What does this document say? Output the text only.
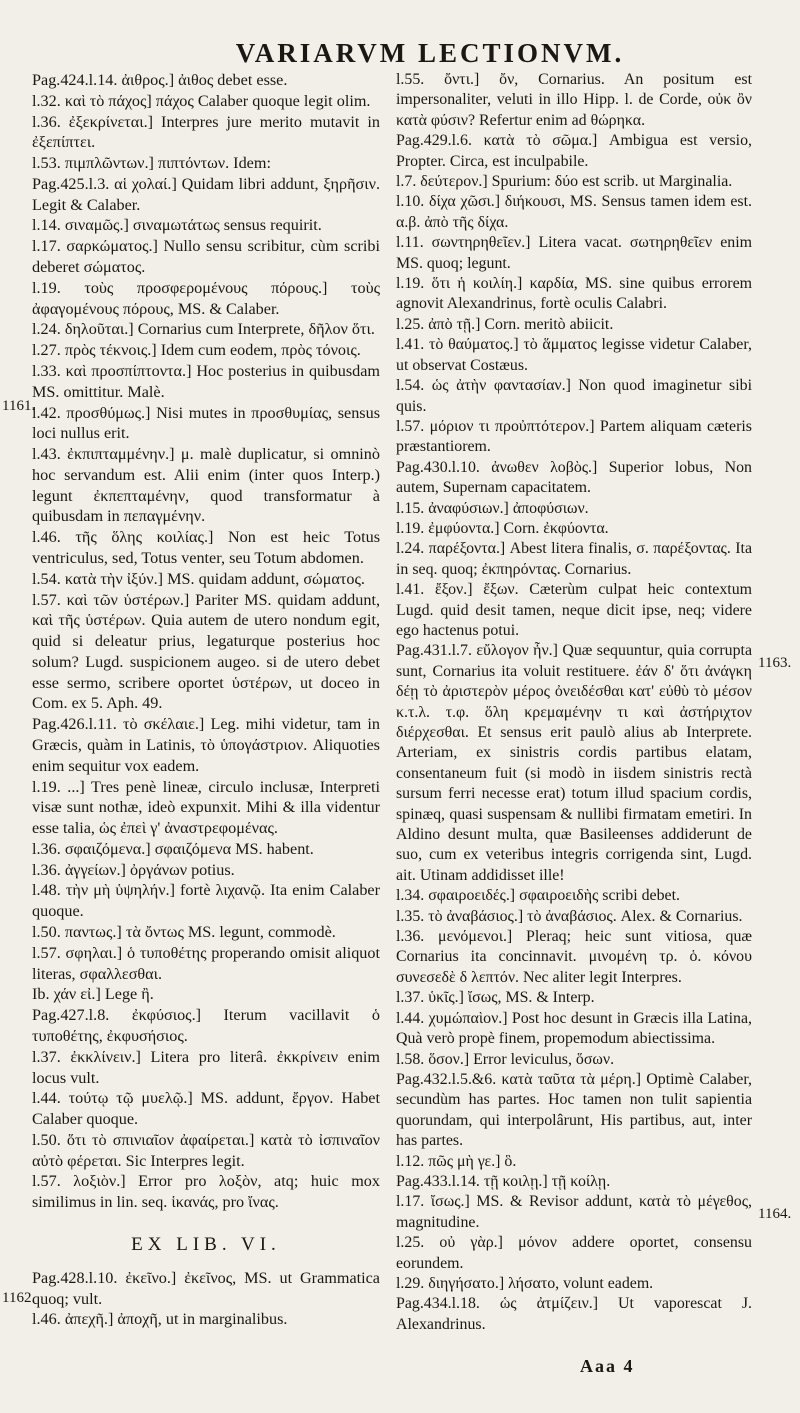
VARIARVM LECTIONVM.

Pag.424.l.14. ἀιθρος.] ἀιθος debet esse.

l.32. καὶ τὸ πάχος] πάχος Calaber quoque legit olim.

l.36. ἐξεκρίνεται.] Interpres jure merito mutavit in ἐξεπίπτει.

l.53. πιμπλῶντων.] πιπτόντων. Idem:

Pag.425.l.3. αἱ χολαί.] Quidam libri addunt, ξηρῆσιν. Legit & Calaber.

l.14. σιναμῶς.] σιναμωτάτως sensus requirit.

l.17. σαρκώματος.] Nullo sensu scribitur, cùm scribi deberet σώματος.

l.19. τοὺς προσφερομένους πόρους.] τοὺς ἀφαγομένους πόρους, MS. & Calaber.

l.24. δηλοῦται.] Cornarius cum Interprete, δῆλον ὅτι.

l.27. πρὸς τέκνοις.] Idem cum eodem, πρὸς τόνοις.

l.33. καὶ προσπίπτοντα.] Hoc posterius in quibusdam MS. omittitur. Malè.

l.42. προσθύμως.] Nisi mutes in προσθυμίας, sensus loci nullus erit.

l.43. ἐκπιπταμμένην.] μ. malè duplicatur, si omninò hoc servandum est. Alii enim (inter quos Interp.) legunt ἐκπεπταμένην, quod transformatur à quibusdam in πεπαγμένην.

l.46. τῆς ὅλης κοιλίας.] Non est heic Totus ventriculus, sed, Totus venter, seu Totum abdomen.

l.54. κατὰ τὴν ἰξύν.] MS. quidam addunt, σώματος.

l.57. καὶ τῶν ὑστέρων.] Pariter MS. quidam addunt, καὶ τῆς ὑστέρων. Quia autem de utero nondum egit, quid si deleatur prius, legaturque posterius hoc solum? Lugd. suspicionem augeo. si de utero debet esse sermo, scribere oportet ὑστέρων, ut doceo in Com. ex 5. Aph. 49.

Pag.426.l.11. τὸ σκέλαιε.] Leg. mihi videtur, tam in Græcis, quàm in Latinis, τὸ ὑπογάστριον. Aliquoties enim sequitur vox eadem.

l.19. ...] Tres penè lineæ, circulo inclusæ, Interpreti visæ sunt nothæ, ideò expunxit. Mihi & illa videntur esse talia, ὡς ἐπεὶ γ' ἀναστρεφομένας.

l.36. σφαιζόμενα.] σφαιζόμενα MS. habent.

l.36. ἀγγείων.] ὀργάνων potius.

l.48. τὴν μὴ ὑψηλήν.] fortè λιχανῷ. Ita enim Calaber quoque.

l.50. παντως.] τὰ ὄντως MS. legunt, commodè.

l.57. σφηλαι.] ὁ τυποθέτης properando omisit aliquot literas, σφαλλεσθαι.

Ib. χάν εἰ.] Lege ἢ.

Pag.427.l.8. ἐκφύσιος.] Iterum vacillavit ὁ τυποθέτης, ἐκφυσήσιος.

l.37. ἐκκλίνειν.] Litera pro literâ. ἐκκρίνειν enim locus vult.

l.44. τούτῳ τῷ μυελῷ.] MS. addunt, ἔργον. Habet Calaber quoque.

l.50. ὅτι τὸ σπινιαῖον ἀφαίρεται.] κατὰ τὸ ἰσπιναῖον αὐτὸ φέρεται. Sic Interpres legit.

l.57. λοξιὸν.] Error pro λοξὸν, atq; huic mox similimus in lin. seq. ἱκανάς, pro ἴνας.

EX LIB. VI.

Pag.428.l.10. ἐκεῖνο.] ἐκεῖνος, MS. ut Grammatica quoq; vult.

l.46. ἀπεχῆ.] ἀποχῆ, ut in marginalibus.

l.55. ὄντι.] ὄν, Cornarius. An positum est impersonaliter, veluti in illo Hipp. l. de Corde, οὐκ ὂν κατὰ φύσιν? Refertur enim ad θώρηκα.

Pag.429.l.6. κατὰ τὸ σῶμα.] Ambigua est versio, Propter. Circa, est inculpabile.

l.7. δεύτερον.] Spurium: δύο est scrib. ut Marginalia.

l.10. δίχα χῶσι.] διήκουσι, MS. Sensus tamen idem est. α.β. ἀπὸ τῆς δίχα.

l.11. σωντηρηθεῖεν.] Litera vacat. σωτηρηθεῖεν enim MS. quoq; legunt.

l.19. ὅτι ἡ κοιλίη.] καρδία, MS. sine quibus errorem agnovit Alexandrinus, fortè oculis Calabri.

l.25. ἀπὸ τῇ.] Corn. meritò abiicit.

l.41. τὸ θαύματος.] τὸ ἅμματος legisse videtur Calaber, ut observat Costæus.

l.54. ὡς ἀτὴν φαντασίαν.] Non quod imaginetur sibi quis.

l.57. μόριον τι προὐπτότερον.] Partem aliquam cæteris præstantiorem.

Pag.430.l.10. ἀνωθεν λοβὸς.] Superior lobus, Non autem, Supernam capacitatem.

l.15. ἀναφύσιων.] ἀποφύσιων.

l.19. ἐμφύοντα.] Corn. ἐκφύοντα.

l.24. παρέξοντα.] Abest litera finalis, σ. παρέξοντας. Ita in seq. quoq; ἐκπηρόντας. Cornarius.

l.41. ἔξον.] ἔξων. Cæterùm culpat heic contextum Lugd. quid desit tamen, neque dicit ipse, neq; videre ego hactenus potui.

Pag.431.l.7. εὔλογον ἦν.] Quæ sequuntur, quia corrupta sunt, Cornarius ita voluit restituere. ἐάν δ' ὅτι ἀνάγκη δέῃ τὸ ἀριστερὸν μέρος ὀνειδέσθαι κατ' εὐθὺ τὸ μέσον κ.τ.λ. τ.φ. ὅλη κρεμαμένην τι καὶ ἀστήριχτον διέρχεσθαι. Et sensus erit paulò alius ab Interprete. Arteriam, ex sinistris cordis partibus elatam, consentaneum fuit (si modò in iisdem sinistris rectà sursum ferri necesse erat) totum illud spacium cordis, spinæq, quasi suspensam & nullibi firmatam emetiri. In Aldino desunt multa, quæ Basileenses addiderunt de suo, cum ex veteribus integris corrigenda sint, Lugd. ait. Utinam addidisset ille!

l.34. σφαιροειδές.] σφαιροειδὴς scribi debet.

l.35. τὸ ἀναβάσιος.] τὸ ἀναβάσιος. Alex. & Cornarius.

l.36. μενόμενοι.] Pleraq; heic sunt vitiosa, quæ Cornarius ita concinnavit. μινομένη τρ. ὁ. κόνου συνεσεδὲ δ λεπτόν. Nec aliter legit Interpres.

l.37. ὑκῖς.] ἴσως, MS. & Interp.

l.44. χυμώπαὶον.] Post hoc desunt in Græcis illa Latina, Quà verò propè finem, propemodum abiectissima.

l.58. ὅσον.] Error leviculus, ὅσων.

Pag.432.l.5.&6. κατὰ ταῦτα τὰ μέρη.] Optimè Calaber, secundùm has partes. Hoc tamen non tulit sapientia quorundam, qui interpolârunt, His partibus, aut, inter has partes.

l.12. πῶς μὴ γε.] ὃ.

Pag.433.l.14. τῇ κοιλῃ.] τῇ κοίλῃ.

l.17. ἴσως.] MS. & Revisor addunt, κατὰ τὸ μέγεθος, magnitudine.

l.25. οὐ γὰρ.] μόνον addere oportet, consensu eorundem.

l.29. διηγήσατο.] λήσατο, volunt eadem.

Pag.434.l.18. ὡς ἀτμίζειν.] Ut vaporescat J. Alexandrinus.

1161.
1163.
1164.
1162.
Aaa 4
